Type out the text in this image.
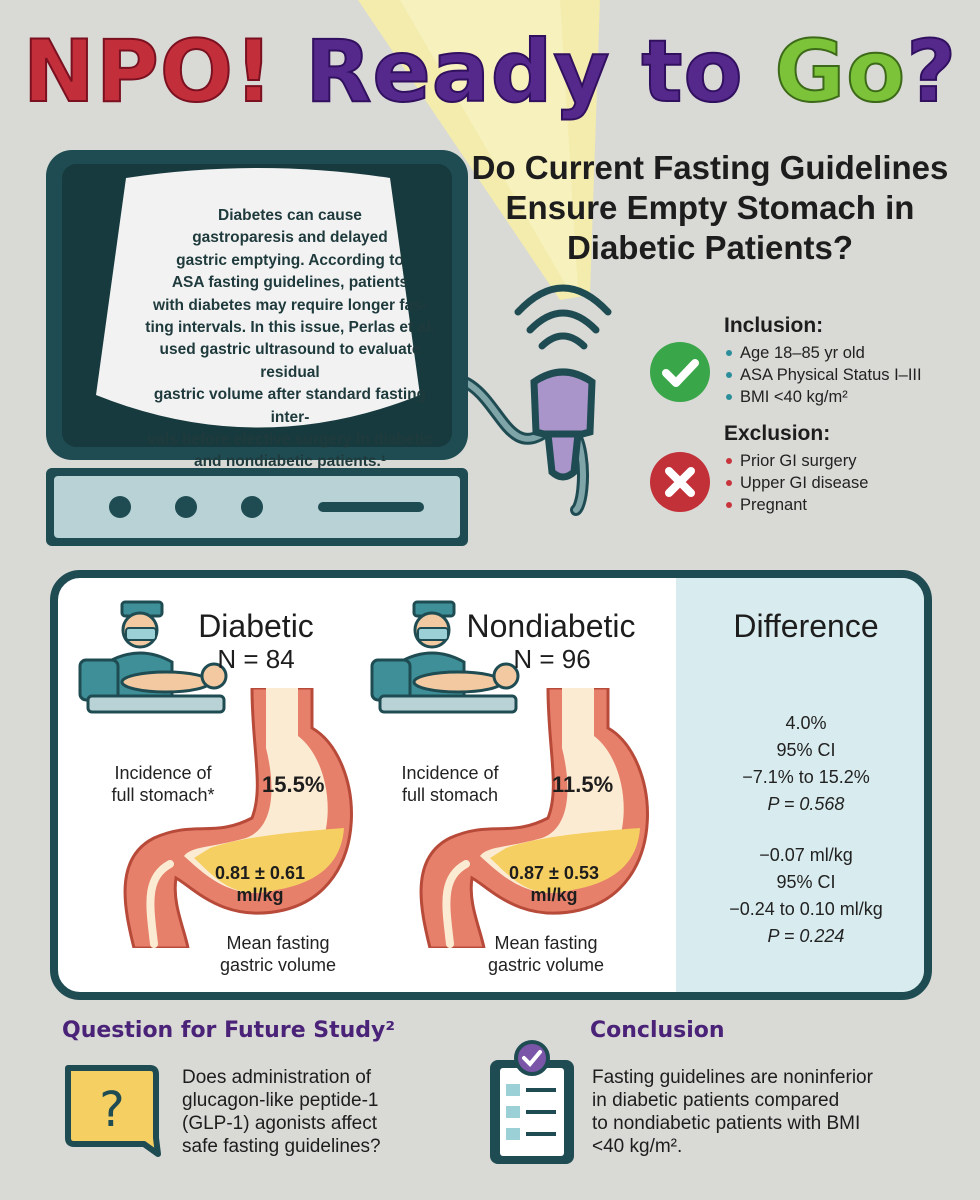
NPO! Ready to Go?
Do Current Fasting Guidelines Ensure Empty Stomach in Diabetic Patients?
Diabetes can cause
gastroparesis and delayed
gastric emptying. According to
ASA fasting guidelines, patients
with diabetes may require longer fas-
ting intervals. In this issue, Perlas et al.
used gastric ultrasound to evaluate residual
gastric volume after standard fasting inter-
vals before elective surgery in diabetic
and nondiabetic patients.¹
Inclusion:
Age 18–85 yr old
ASA Physical Status I–III
BMI <40 kg/m²
Exclusion:
Prior GI surgery
Upper GI disease
Pregnant
Diabetic
N = 84
Incidence of
full stomach*	15.5%
0.81 ± 0.61
ml/kg
Mean fasting
gastric volume
Nondiabetic
N = 96
Incidence of
full stomach	11.5%
0.87 ± 0.53
ml/kg
Mean fasting
gastric volume
Difference
4.0%
95% CI
−7.1% to 15.2%
P = 0.568
−0.07 ml/kg
95% CI
−0.24 to 0.10 ml/kg
P = 0.224
Question for Future Study²
?
Does administration of
glucagon-like peptide-1
(GLP-1) agonists affect
safe fasting guidelines?
Conclusion
Fasting guidelines are noninferior
in diabetic patients compared
to nondiabetic patients with BMI
<40 kg/m².
